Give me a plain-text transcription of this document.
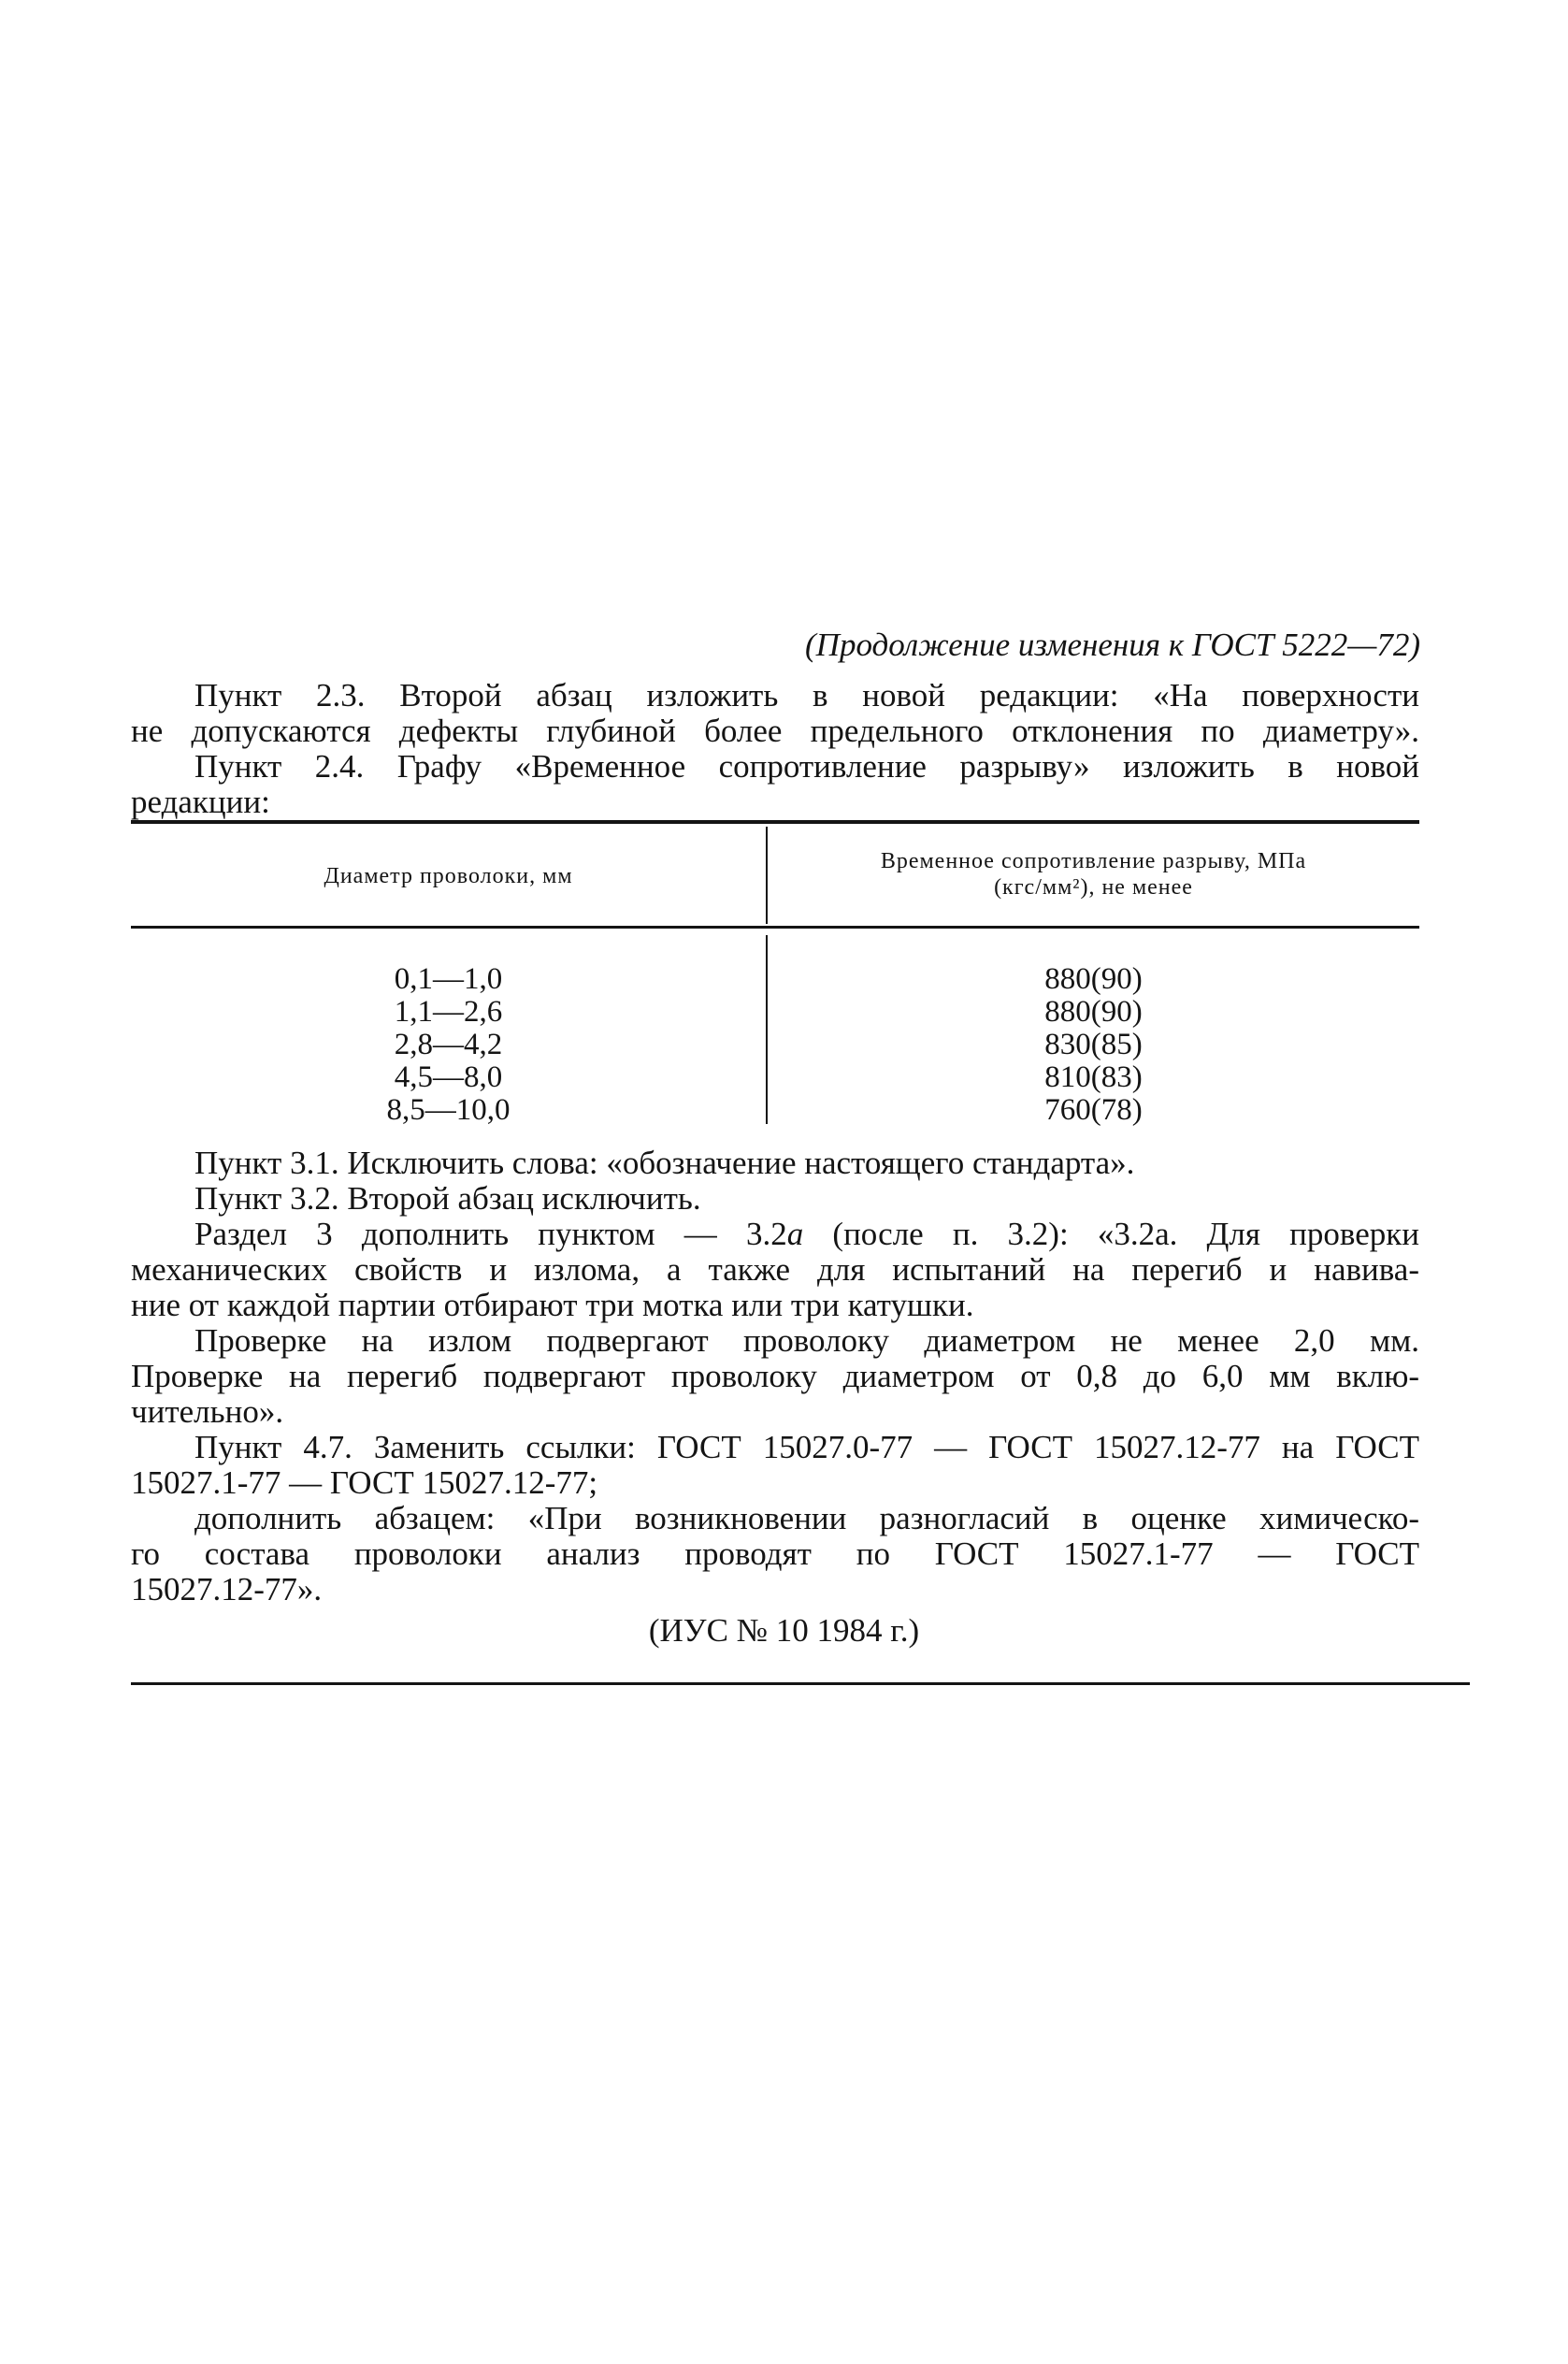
(Продолжение изменения к ГОСТ 5222—72)
Пункт 2.3. Второй абзац изложить в новой редакции: «На поверхности
не допускаются дефекты глубиной более предельного отклонения по диаметру».
Пункт 2.4. Графу «Временное сопротивление разрыву» изложить в новой
редакции:
Диаметр проволоки, мм
Временное сопротивление разрыву, МПа
(кгс/мм²), не менее
0,1—1,0	880(90)
1,1—2,6	880(90)
2,8—4,2	830(85)
4,5—8,0	810(83)
8,5—10,0	760(78)
Пункт 3.1. Исключить слова: «обозначение настоящего стандарта».
Пункт 3.2. Второй абзац исключить.
Раздел 3 дополнить пунктом — 3.2а (после п. 3.2): «3.2а. Для проверки
механических свойств и излома, а также для испытаний на перегиб и навива-
ние от каждой партии отбирают три мотка или три катушки.
Проверке на излом подвергают проволоку диаметром не менее 2,0 мм.
Проверке на перегиб подвергают проволоку диаметром от 0,8 до 6,0 мм вклю-
чительно».
Пункт 4.7. Заменить ссылки: ГОСТ 15027.0-77 — ГОСТ 15027.12-77 на ГОСТ
15027.1-77 — ГОСТ 15027.12-77;
дополнить абзацем: «При возникновении разногласий в оценке химическо-
го состава проволоки анализ проводят по ГОСТ 15027.1-77 — ГОСТ
15027.12-77».
(ИУС № 10 1984 г.)
